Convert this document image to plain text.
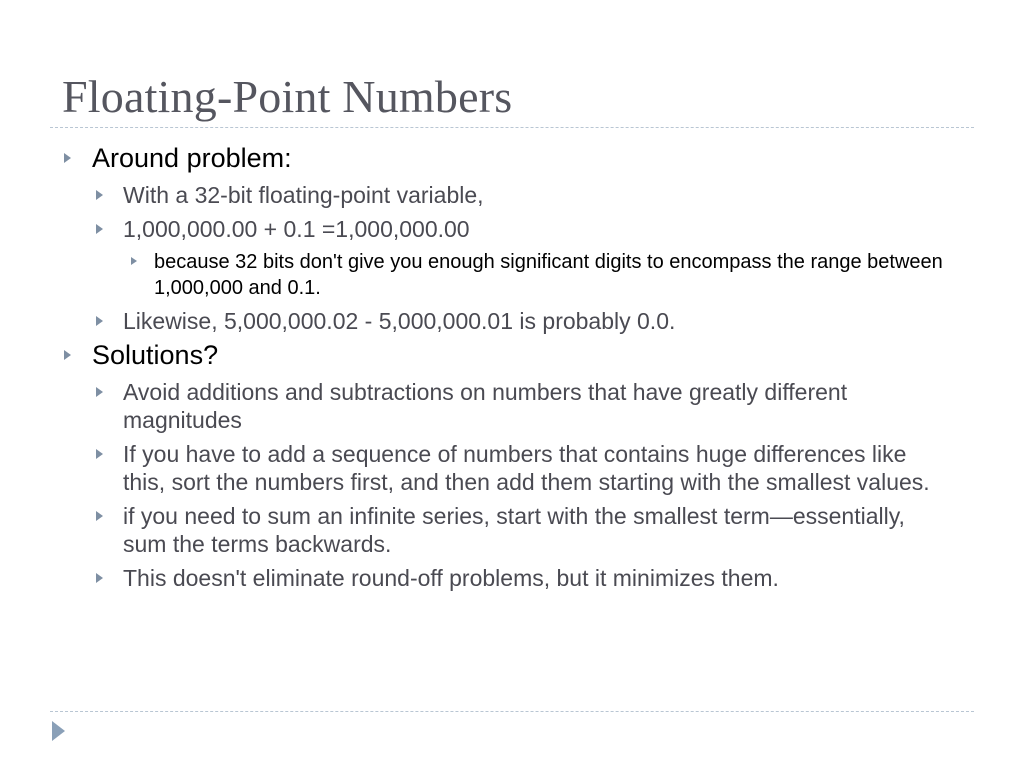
Floating-Point Numbers
Around problem:
With a 32-bit floating-point variable,
1,000,000.00 + 0.1 =1,000,000.00
because 32 bits don't give you enough significant digits to encompass the range between 1,000,000 and 0.1.
Likewise, 5,000,000.02 - 5,000,000.01 is probably 0.0.
Solutions?
Avoid additions and subtractions on numbers that have greatly different magnitudes
If you have to add a sequence of numbers that contains huge differences like this, sort the numbers first, and then add them starting with the smallest values.
if you need to sum an infinite series, start with the smallest term—essentially, sum the terms backwards.
This doesn't eliminate round-off problems, but it minimizes them.
